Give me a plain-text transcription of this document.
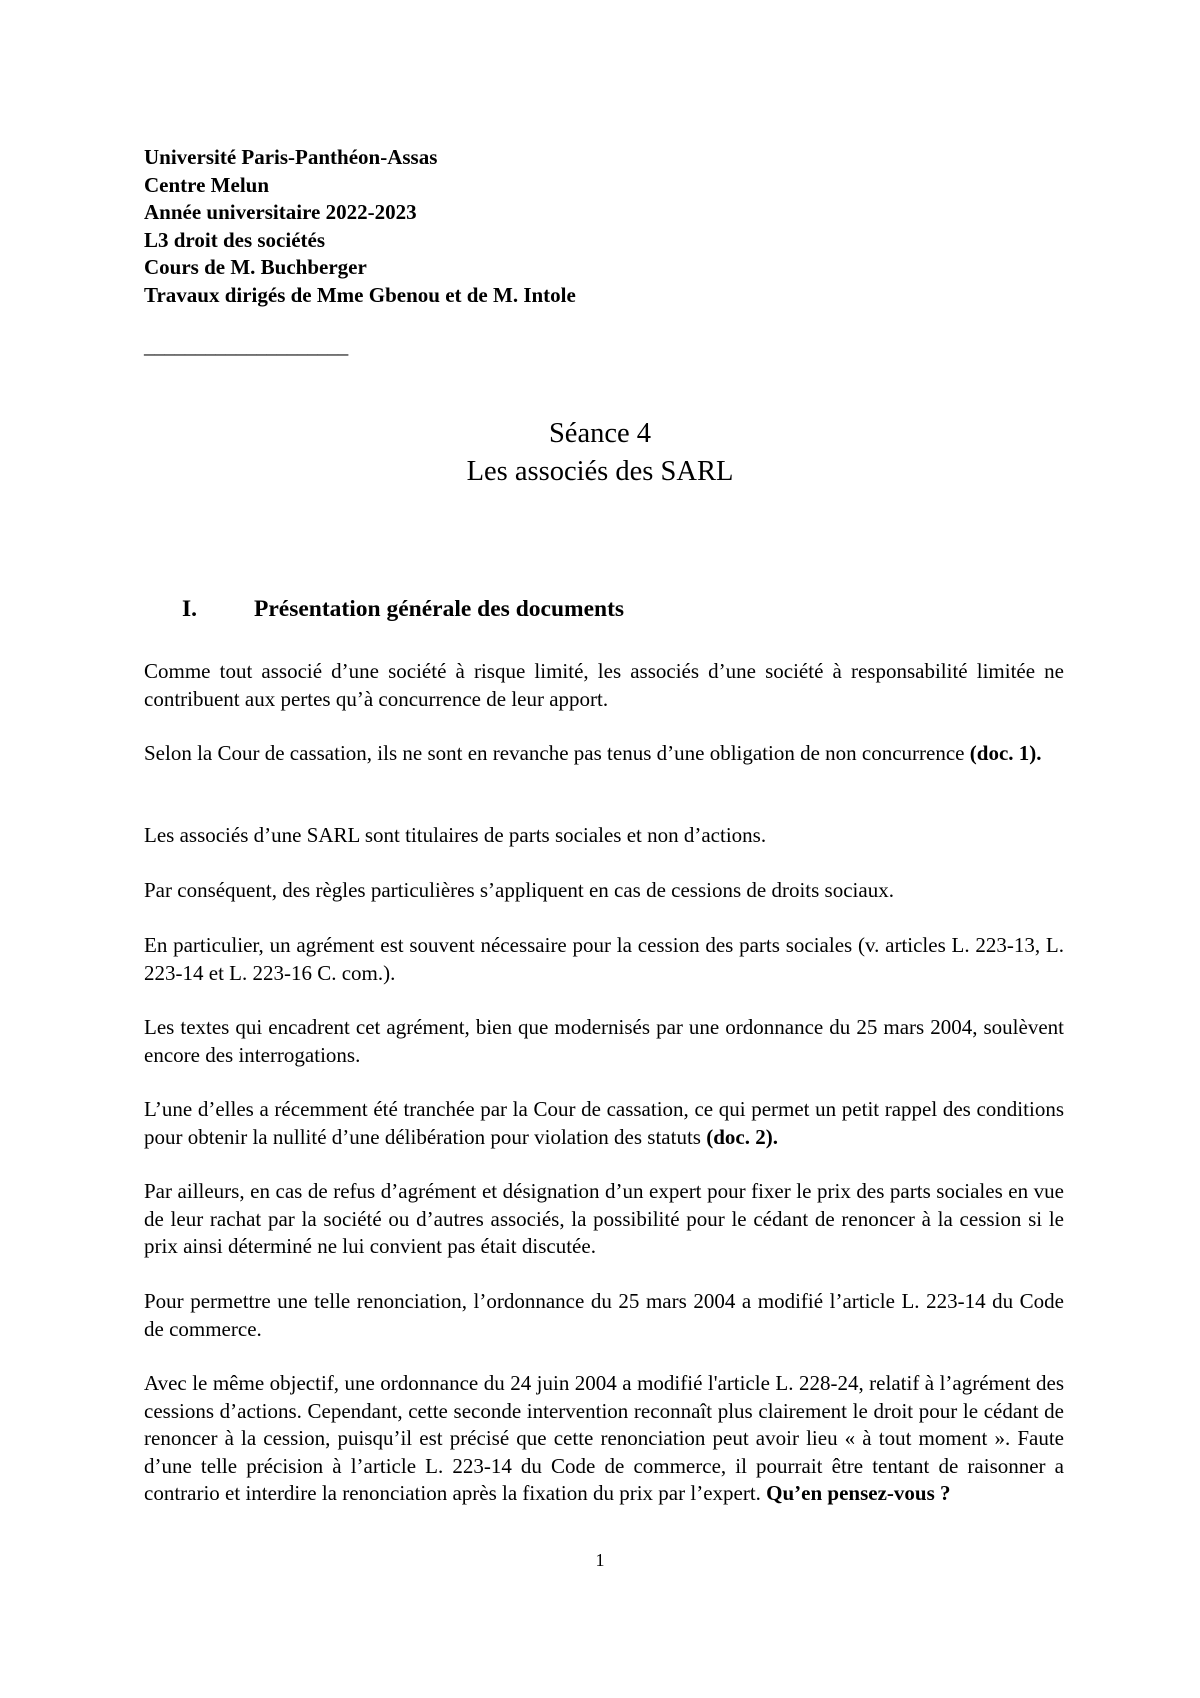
Université Paris-Panthéon-Assas
Centre Melun
Année universitaire 2022-2023
L3 droit des sociétés
Cours de M. Buchberger
Travaux dirigés de Mme Gbenou et de M. Intole
____________________
Séance 4
Les associés des SARL
I. Présentation générale des documents
Comme tout associé d’une société à risque limité, les associés d’une société à responsabilité limitée ne contribuent aux pertes qu’à concurrence de leur apport.
Selon la Cour de cassation, ils ne sont en revanche pas tenus d’une obligation de non concurrence (doc. 1).
Les associés d’une SARL sont titulaires de parts sociales et non d’actions.
Par conséquent, des règles particulières s’appliquent en cas de cessions de droits sociaux.
En particulier, un agrément est souvent nécessaire pour la cession des parts sociales (v. articles L. 223-13, L. 223-14 et L. 223-16 C. com.).
Les textes qui encadrent cet agrément, bien que modernisés par une ordonnance du 25 mars 2004, soulèvent encore des interrogations.
L’une d’elles a récemment été tranchée par la Cour de cassation, ce qui permet un petit rappel des conditions pour obtenir la nullité d’une délibération pour violation des statuts (doc. 2).
Par ailleurs, en cas de refus d’agrément et désignation d’un expert pour fixer le prix des parts sociales en vue de leur rachat par la société ou d’autres associés, la possibilité pour le cédant de renoncer à la cession si le prix ainsi déterminé ne lui convient pas était discutée.
Pour permettre une telle renonciation, l’ordonnance du 25 mars 2004 a modifié l’article L. 223-14 du Code de commerce.
Avec le même objectif, une ordonnance du 24 juin 2004 a modifié l'article L. 228-24, relatif à l’agrément des cessions d’actions. Cependant, cette seconde intervention reconnaît plus clairement le droit pour le cédant de renoncer à la cession, puisqu’il est précisé que cette renonciation peut avoir lieu « à tout moment ». Faute d’une telle précision à l’article L. 223-14 du Code de commerce, il pourrait être tentant de raisonner a contrario et interdire la renonciation après la fixation du prix par l’expert. Qu’en pensez-vous ?
1
